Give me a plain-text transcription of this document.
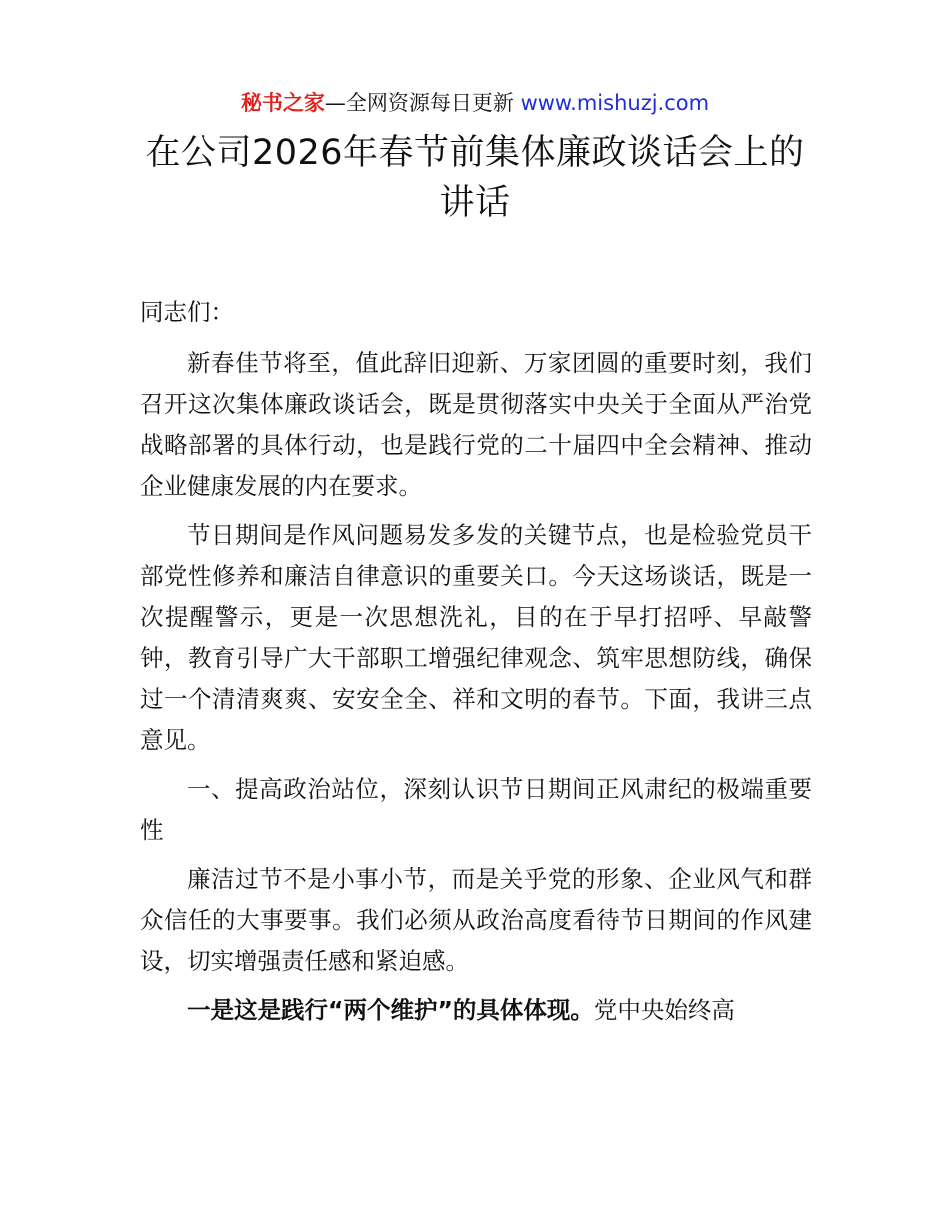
秘书之家—全网资源每日更新 www.mishuzj.com
在公司2026年春节前集体廉政谈话会上的讲话

同志们：

新春佳节将至，值此辞旧迎新、万家团圆的重要时刻，我们召开这次集体廉政谈话会，既是贯彻落实中央关于全面从严治党战略部署的具体行动，也是践行党的二十届四中全会精神、推动企业健康发展的内在要求。

节日期间是作风问题易发多发的关键节点，也是检验党员干部党性修养和廉洁自律意识的重要关口。今天这场谈话，既是一次提醒警示，更是一次思想洗礼，目的在于早打招呼、早敲警钟，教育引导广大干部职工增强纪律观念、筑牢思想防线，确保过一个清清爽爽、安安全全、祥和文明的春节。下面，我讲三点意见。

一、提高政治站位，深刻认识节日期间正风肃纪的极端重要性

廉洁过节不是小事小节，而是关乎党的形象、企业风气和群众信任的大事要事。我们必须从政治高度看待节日期间的作风建设，切实增强责任感和紧迫感。

一是这是践行“两个维护”的具体体现。党中央始终高
